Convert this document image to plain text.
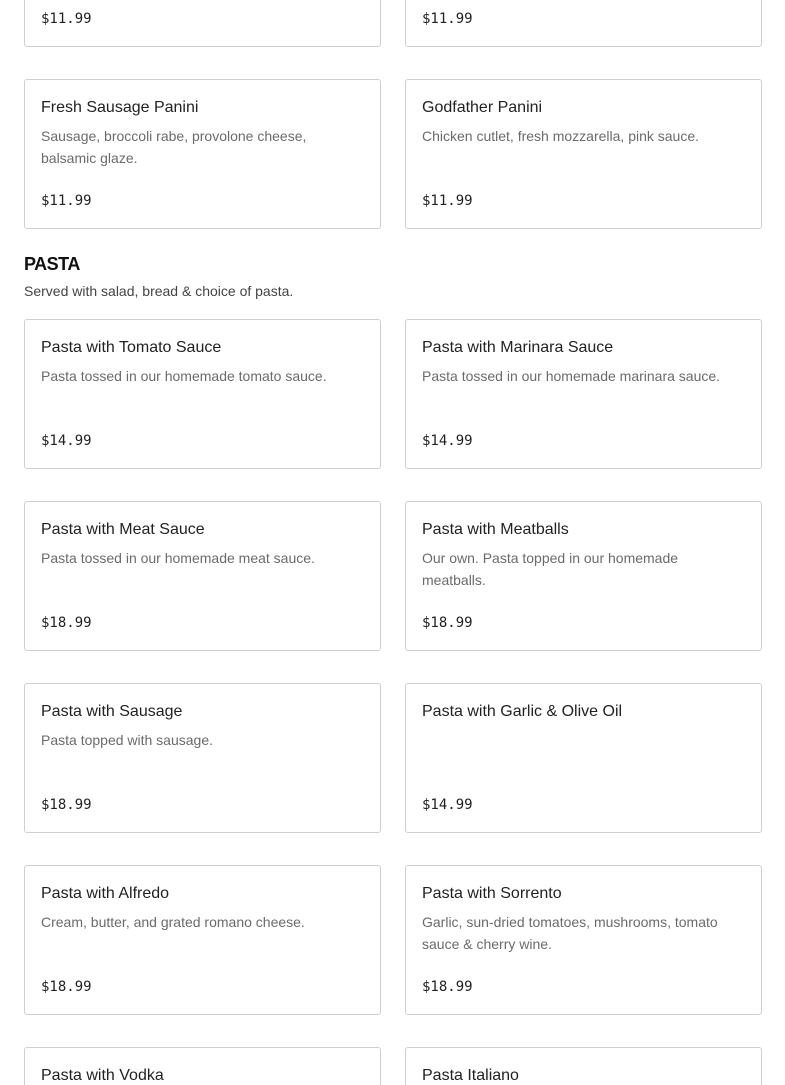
$11.99	$11.99
Fresh Sausage Panini
Sausage, broccoli rabe, provolone cheese, balsamic glaze.
$11.99
Godfather Panini
Chicken cutlet, fresh mozzarella, pink sauce.
$11.99
PASTA

Served with salad, bread & choice of pasta.

Pasta with Tomato Sauce
Pasta tossed in our homemade tomato sauce.
$14.99
Pasta with Marinara Sauce
Pasta tossed in our homemade marinara sauce.
$14.99
Pasta with Meat Sauce
Pasta tossed in our homemade meat sauce.
$18.99
Pasta with Meatballs
Our own. Pasta topped in our homemade meatballs.
$18.99
Pasta with Sausage
Pasta topped with sausage.
$18.99
Pasta with Garlic & Olive Oil
$14.99
Pasta with Alfredo
Cream, butter, and grated romano cheese.
$18.99
Pasta with Sorrento
Garlic, sun-dried tomatoes, mushrooms, tomato sauce & cherry wine.
$18.99
Pasta with Vodka	Pasta Italiano
